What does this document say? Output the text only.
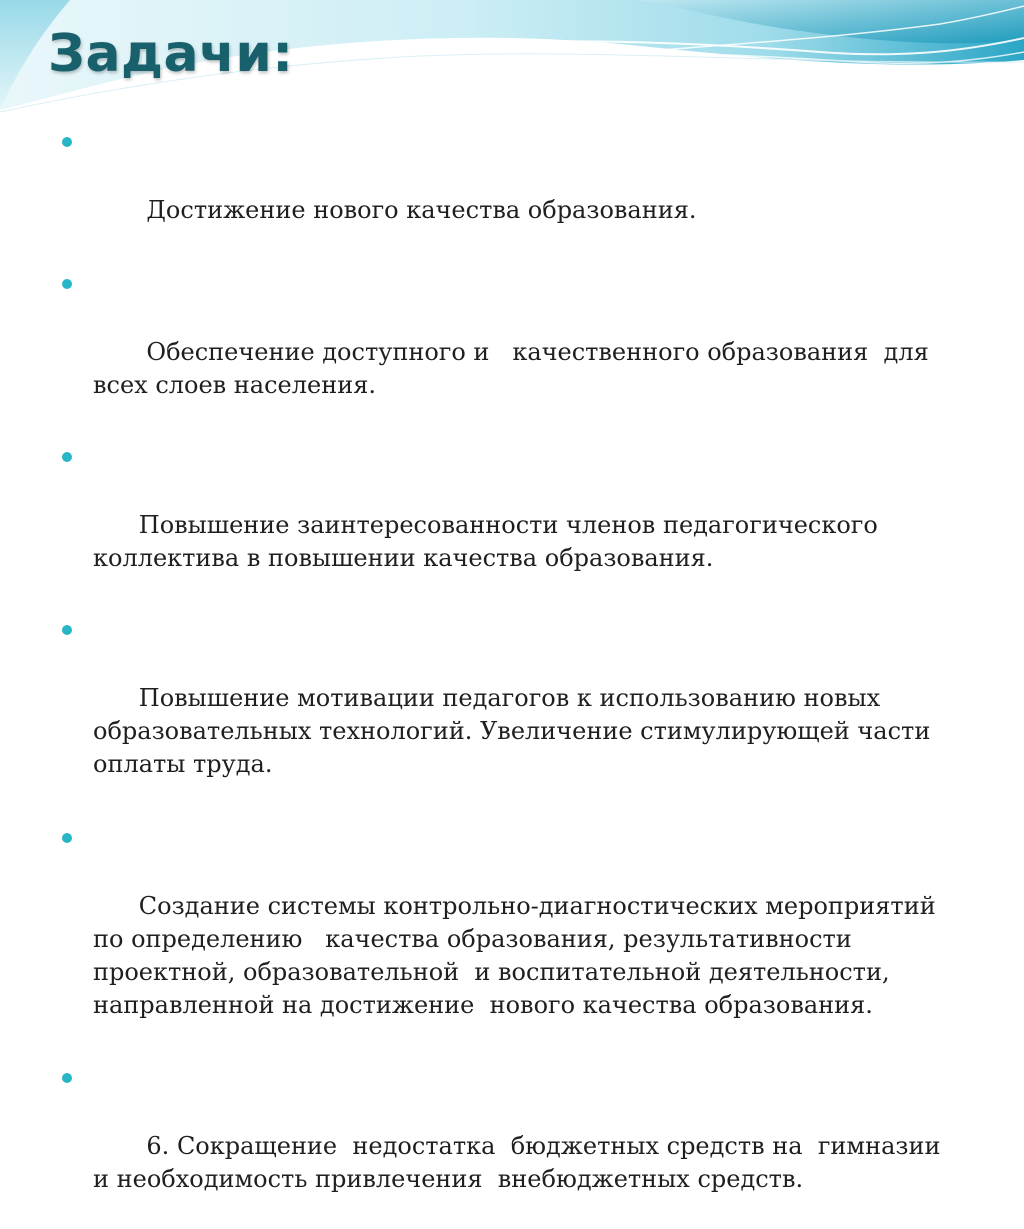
Задачи:

Достижение нового качества образования.

Обеспечение доступного и   качественного образования  для всех слоев населения.

Повышение заинтересованности членов педагогического коллектива в повышении качества образования.

Повышение мотивации педагогов к использованию новых образовательных технологий. Увеличение стимулирующей части оплаты труда.

Создание системы контрольно-диагностических мероприятий по определению   качества образования, результативности проектной, образовательной  и воспитательной деятельности, направленной на достижение  нового качества образования.

6. Сокращение  недостатка  бюджетных средств на  гимназии  и необходимость привлечения  внебюджетных средств.
